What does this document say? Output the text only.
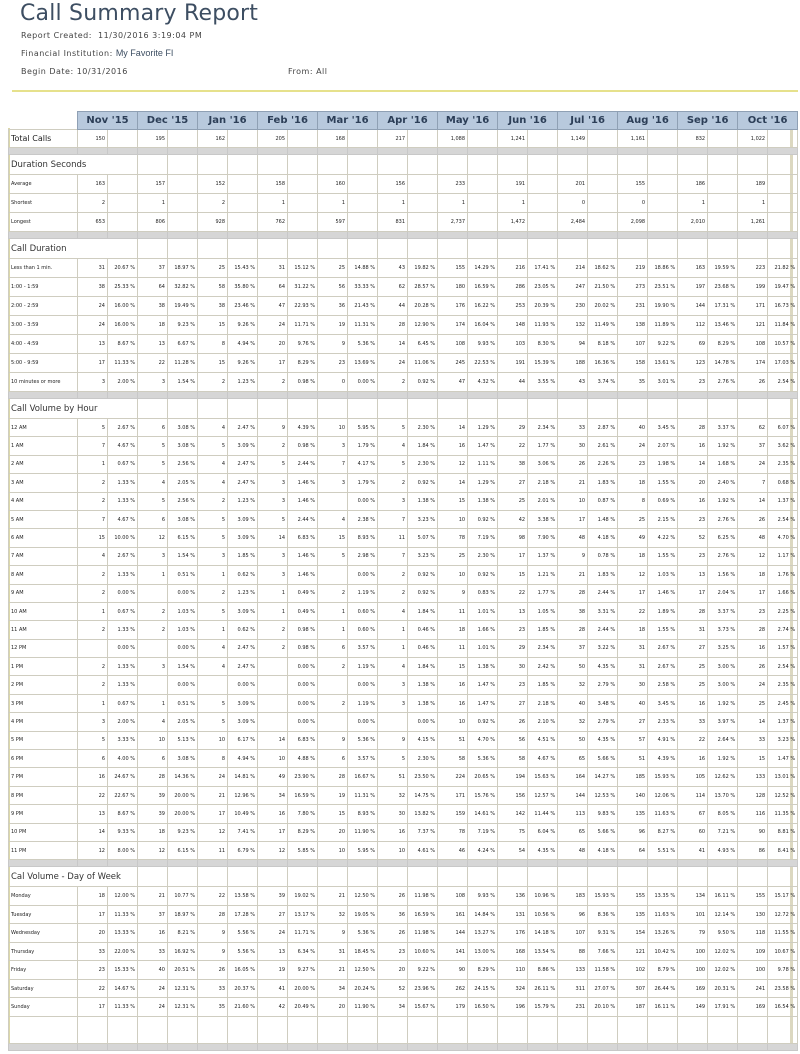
Call Summary Report
Report Created: 11/30/2016 3:19:04 PM
Financial Institution: My Favorite FI
Begin Date: 10/31/2016	From: All
	Nov '15		Dec '15		Jan '16		Feb '16		Mar '16		Apr '16		May '16		Jun '16		Jul '16		Aug '16		Sep '16		Oct '16	
Total Calls	150		195		162		205		168		217		1,088		1,241		1,149		1,161		832		1,022	

Duration Seconds																								
Average	163		157		152		158		160		156		233		191		201		155		186		189	
Shortest	2		1		2		1		1		1		1		1		0		0		1		1	
Longest	653		806		928		762		597		831		2,737		1,472		2,484		2,098		2,010		1,261	

Call Duration																								
Less than 1 min.	31	20.67 %	37	18.97 %	25	15.43 %	31	15.12 %	25	14.88 %	43	19.82 %	155	14.29 %	216	17.41 %	214	18.62 %	219	18.86 %	163	19.59 %	223	21.82 %
1:00 - 1:59	38	25.33 %	64	32.82 %	58	35.80 %	64	31.22 %	56	33.33 %	62	28.57 %	180	16.59 %	286	23.05 %	247	21.50 %	273	23.51 %	197	23.68 %	199	19.47 %
2:00 - 2:59	24	16.00 %	38	19.49 %	38	23.46 %	47	22.93 %	36	21.43 %	44	20.28 %	176	16.22 %	253	20.39 %	230	20.02 %	231	19.90 %	144	17.31 %	171	16.73 %
3:00 - 3:59	24	16.00 %	18	9.23 %	15	9.26 %	24	11.71 %	19	11.31 %	28	12.90 %	174	16.04 %	148	11.93 %	132	11.49 %	138	11.89 %	112	13.46 %	121	11.84 %
4:00 - 4:59	13	8.67 %	13	6.67 %	8	4.94 %	20	9.76 %	9	5.36 %	14	6.45 %	108	9.93 %	103	8.30 %	94	8.18 %	107	9.22 %	69	8.29 %	108	10.57 %
5:00 - 9:59	17	11.33 %	22	11.28 %	15	9.26 %	17	8.29 %	23	13.69 %	24	11.06 %	245	22.53 %	191	15.39 %	188	16.36 %	158	13.61 %	123	14.78 %	174	17.03 %
10 minutes or more	3	2.00 %	3	1.54 %	2	1.23 %	2	0.98 %	0	0.00 %	2	0.92 %	47	4.32 %	44	3.55 %	43	3.74 %	35	3.01 %	23	2.76 %	26	2.54 %

Call Volume by Hour																								
12 AM	5	2.67 %	6	3.08 %	4	2.47 %	9	4.39 %	10	5.95 %	5	2.30 %	14	1.29 %	29	2.34 %	33	2.87 %	40	3.45 %	28	3.37 %	62	6.07 %
1 AM	7	4.67 %	5	3.08 %	5	3.09 %	2	0.98 %	3	1.79 %	4	1.84 %	16	1.47 %	22	1.77 %	30	2.61 %	24	2.07 %	16	1.92 %	37	3.62 %
2 AM	1	0.67 %	5	2.56 %	4	2.47 %	5	2.44 %	7	4.17 %	5	2.30 %	12	1.11 %	38	3.06 %	26	2.26 %	23	1.98 %	14	1.68 %	24	2.35 %
3 AM	2	1.33 %	4	2.05 %	4	2.47 %	3	1.46 %	3	1.79 %	2	0.92 %	14	1.29 %	27	2.18 %	21	1.83 %	18	1.55 %	20	2.40 %	7	0.68 %
4 AM	2	1.33 %	5	2.56 %	2	1.23 %	3	1.46 %		0.00 %	3	1.38 %	15	1.38 %	25	2.01 %	10	0.87 %	8	0.69 %	16	1.92 %	14	1.37 %
5 AM	7	4.67 %	6	3.08 %	5	3.09 %	5	2.44 %	4	2.38 %	7	3.23 %	10	0.92 %	42	3.38 %	17	1.48 %	25	2.15 %	23	2.76 %	26	2.54 %
6 AM	15	10.00 %	12	6.15 %	5	3.09 %	14	6.83 %	15	8.93 %	11	5.07 %	78	7.19 %	98	7.90 %	48	4.18 %	49	4.22 %	52	6.25 %	48	4.70 %
7 AM	4	2.67 %	3	1.54 %	3	1.85 %	3	1.46 %	5	2.98 %	7	3.23 %	25	2.30 %	17	1.37 %	9	0.78 %	18	1.55 %	23	2.76 %	12	1.17 %
8 AM	2	1.33 %	1	0.51 %	1	0.62 %	3	1.46 %		0.00 %	2	0.92 %	10	0.92 %	15	1.21 %	21	1.83 %	12	1.03 %	13	1.56 %	18	1.76 %
9 AM	2	0.00 %		0.00 %	2	1.23 %	1	0.49 %	2	1.19 %	2	0.92 %	9	0.83 %	22	1.77 %	28	2.44 %	17	1.46 %	17	2.04 %	17	1.66 %
10 AM	1	0.67 %	2	1.03 %	5	3.09 %	1	0.49 %	1	0.60 %	4	1.84 %	11	1.01 %	13	1.05 %	38	3.31 %	22	1.89 %	28	3.37 %	23	2.25 %
11 AM	2	1.33 %	2	1.03 %	1	0.62 %	2	0.98 %	1	0.60 %	1	0.46 %	18	1.66 %	23	1.85 %	28	2.44 %	18	1.55 %	31	3.73 %	28	2.74 %
12 PM		0.00 %		0.00 %	4	2.47 %	2	0.98 %	6	3.57 %	1	0.46 %	11	1.01 %	29	2.34 %	37	3.22 %	31	2.67 %	27	3.25 %	16	1.57 %
1 PM	2	1.33 %	3	1.54 %	4	2.47 %		0.00 %	2	1.19 %	4	1.84 %	15	1.38 %	30	2.42 %	50	4.35 %	31	2.67 %	25	3.00 %	26	2.54 %
2 PM	2	1.33 %		0.00 %		0.00 %		0.00 %		0.00 %	3	1.38 %	16	1.47 %	23	1.85 %	32	2.79 %	30	2.58 %	25	3.00 %	24	2.35 %
3 PM	1	0.67 %	1	0.51 %	5	3.09 %		0.00 %	2	1.19 %	3	1.38 %	16	1.47 %	27	2.18 %	40	3.48 %	40	3.45 %	16	1.92 %	25	2.45 %
4 PM	3	2.00 %	4	2.05 %	5	3.09 %		0.00 %		0.00 %		0.00 %	10	0.92 %	26	2.10 %	32	2.79 %	27	2.33 %	33	3.97 %	14	1.37 %
5 PM	5	3.33 %	10	5.13 %	10	6.17 %	14	6.83 %	9	5.36 %	9	4.15 %	51	4.70 %	56	4.51 %	50	4.35 %	57	4.91 %	22	2.64 %	33	3.23 %
6 PM	6	4.00 %	6	3.08 %	8	4.94 %	10	4.88 %	6	3.57 %	5	2.30 %	58	5.36 %	58	4.67 %	65	5.66 %	51	4.39 %	16	1.92 %	15	1.47 %
7 PM	16	24.67 %	28	14.36 %	24	14.81 %	49	23.90 %	28	16.67 %	51	23.50 %	224	20.65 %	194	15.63 %	164	14.27 %	185	15.93 %	105	12.62 %	133	13.01 %
8 PM	22	22.67 %	39	20.00 %	21	12.96 %	34	16.59 %	19	11.31 %	32	14.75 %	171	15.76 %	156	12.57 %	144	12.53 %	140	12.06 %	114	13.70 %	128	12.52 %
9 PM	13	8.67 %	39	20.00 %	17	10.49 %	16	7.80 %	15	8.93 %	30	13.82 %	159	14.61 %	142	11.44 %	113	9.83 %	135	11.63 %	67	8.05 %	116	11.35 %
10 PM	14	9.33 %	18	9.23 %	12	7.41 %	17	8.29 %	20	11.90 %	16	7.37 %	78	7.19 %	75	6.04 %	65	5.66 %	96	8.27 %	60	7.21 %	90	8.81 %
11 PM	12	8.00 %	12	6.15 %	11	6.79 %	12	5.85 %	10	5.95 %	10	4.61 %	46	4.24 %	54	4.35 %	48	4.18 %	64	5.51 %	41	4.93 %	86	8.41 %

Cal Volume - Day of Week																								
Monday	18	12.00 %	21	10.77 %	22	13.58 %	39	19.02 %	21	12.50 %	26	11.98 %	108	9.93 %	136	10.96 %	183	15.93 %	155	13.35 %	134	16.11 %	155	15.17 %
Tuesday	17	11.33 %	37	18.97 %	28	17.28 %	27	13.17 %	32	19.05 %	36	16.59 %	161	14.84 %	131	10.56 %	96	8.36 %	135	11.63 %	101	12.14 %	130	12.72 %
Wednesday	20	13.33 %	16	8.21 %	9	5.56 %	24	11.71 %	9	5.36 %	26	11.98 %	144	13.27 %	176	14.18 %	107	9.31 %	154	13.26 %	79	9.50 %	118	11.55 %
Thursday	33	22.00 %	33	16.92 %	9	5.56 %	13	6.34 %	31	18.45 %	23	10.60 %	141	13.00 %	168	13.54 %	88	7.66 %	121	10.42 %	100	12.02 %	109	10.67 %
Friday	23	15.33 %	40	20.51 %	26	16.05 %	19	9.27 %	21	12.50 %	20	9.22 %	90	8.29 %	110	8.86 %	133	11.58 %	102	8.79 %	100	12.02 %	100	9.78 %
Saturday	22	14.67 %	24	12.31 %	33	20.37 %	41	20.00 %	34	20.24 %	52	23.96 %	262	24.15 %	324	26.11 %	311	27.07 %	307	26.44 %	169	20.31 %	241	23.58 %
Sunday	17	11.33 %	24	12.31 %	35	21.60 %	42	20.49 %	20	11.90 %	34	15.67 %	179	16.50 %	196	15.79 %	231	20.10 %	187	16.11 %	149	17.91 %	169	16.54 %
